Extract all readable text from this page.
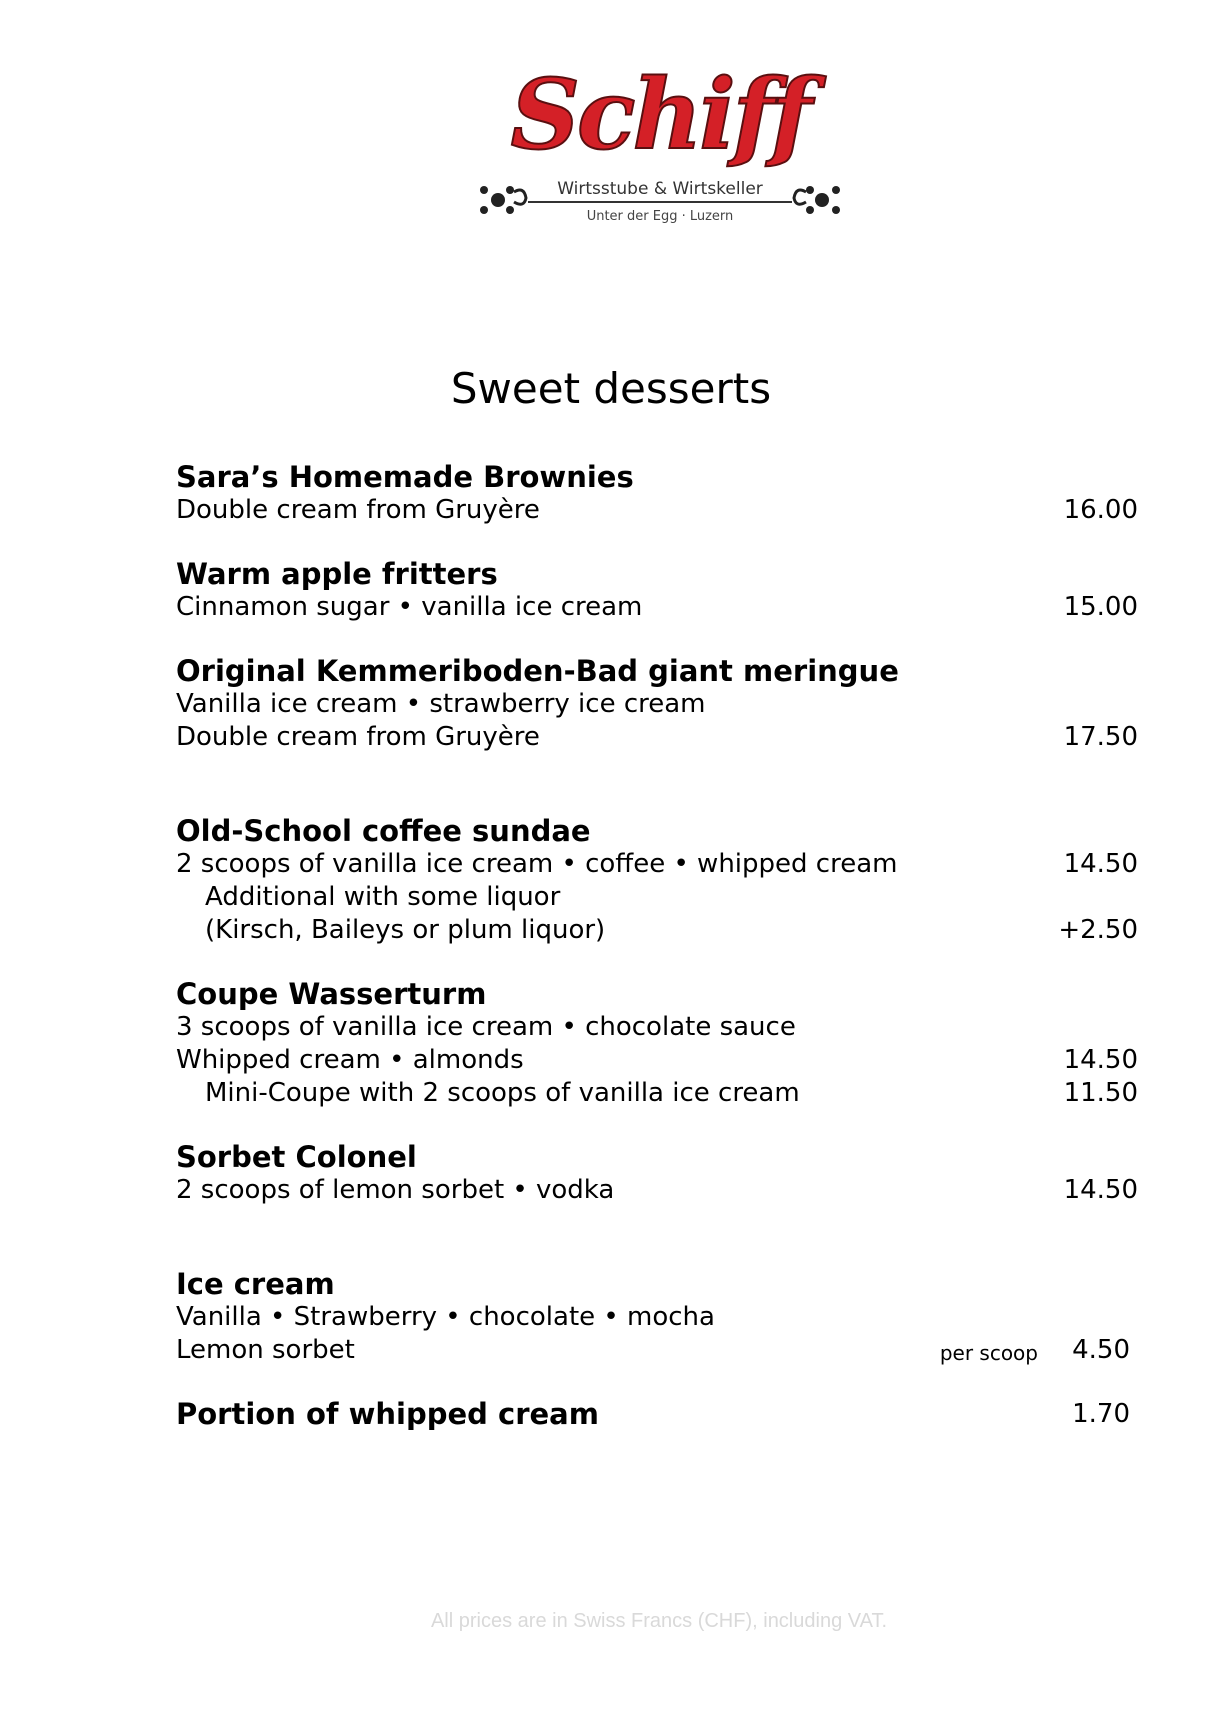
Schiff
Wirtsstube & Wirtskeller
Unter der Egg · Luzern
Sweet desserts
Sara’s Homemade Brownies
Double cream from Gruyère	16.00
Warm apple fritters
Cinnamon sugar • vanilla ice cream	15.00
Original Kemmeriboden-Bad giant meringue
Vanilla ice cream • strawberry ice cream
Double cream from Gruyère	17.50
Old-School coffee sundae
2 scoops of vanilla ice cream • coffee • whipped cream	14.50
Additional with some liquor
(Kirsch, Baileys or plum liquor)	+2.50
Coupe Wasserturm
3 scoops of vanilla ice cream • chocolate sauce
Whipped cream • almonds	14.50
Mini-Coupe with 2 scoops of vanilla ice cream	11.50
Sorbet Colonel
2 scoops of lemon sorbet • vodka	14.50
Ice cream
Vanilla • Strawberry • chocolate • mocha
Lemon sorbet	per scoop 4.50
Portion of whipped cream	1.70
All prices are in Swiss Francs (CHF), including VAT.
